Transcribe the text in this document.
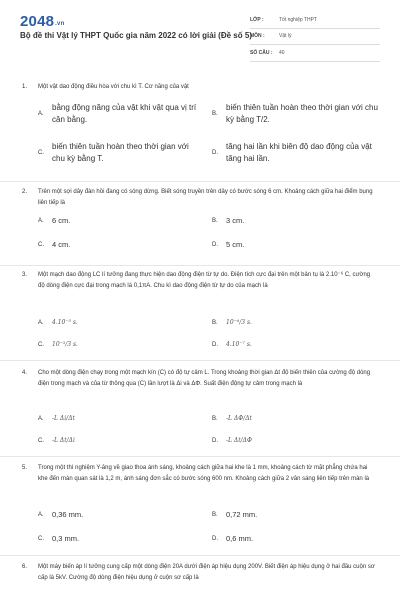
2048.vn
Bộ đề thi Vật lý THPT Quốc gia năm 2022 có lời giải (Đề số 5)
LỚP :	Tốt nghiệp THPT
MÔN :	Vật lý
SỐ CÂU :	40
1. Một vật dao động điều hòa với chu kì T. Cơ năng của vật
A.
bằng động năng của vật khi vật qua vị trí cân bằng.
B.
biến thiên tuần hoàn theo thời gian với chu kỳ bằng T/2.
C.
biến thiên tuần hoàn theo thời gian với chu kỳ bằng T.
D.
tăng hai lần khi biên độ dao động của vật tăng hai lần.
2. Trên một sợi dây đàn hồi đang có sóng dừng. Biết sóng truyền trên dây có bước sóng 6 cm. Khoảng cách giữa hai điểm bụng liên tiếp là
A.	6 cm.	B.	3 cm.
C.	4 cm.	D.	5 cm.
3. Một mạch dao động LC lí tưởng đang thực hiện dao động điện từ tự do. Điện tích cực đại trên một bản tụ là 2.10⁻⁶ C, cường độ dòng điện cực đại trong mạch là 0,1πA. Chu kì dao động điện từ tự do của mạch là
A.	4.10⁻⁵ s.	B.	10⁻⁶/3 s.
C.	10⁻³/3 s.	D.	4.10⁻⁷ s.
4. Cho một dòng điện chạy trong một mạch kín (C) có độ tự cảm L. Trong khoảng thời gian Δt độ biến thiên của cường độ dòng điện trong mạch và của từ thông qua (C) lần lượt là Δi và ΔΦ. Suất điện động tự cảm trong mạch là
A.	-L Δi/Δt	B.	-L ΔΦ/Δt
C.	-L Δt/Δi	D.	-L Δt/ΔΦ
5. Trong một thí nghiệm Y-âng về giao thoa ánh sáng, khoảng cách giữa hai khe là 1 mm, khoảng cách từ mặt phẳng chứa hai khe đến màn quan sát là 1,2 m, ánh sáng đơn sắc có bước sóng 600 nm. Khoảng cách giữa 2 vân sáng liên tiếp trên màn là
A.	0,36 mm.	B.	0,72 mm.
C.	0,3 mm.	D.	0,6 mm.
6. Một máy biến áp lí tưởng cung cấp một dòng điện 20A dưới điện áp hiệu dụng 200V. Biết điện áp hiệu dụng ở hai đầu cuộn sơ cấp là 5kV. Cường độ dòng điện hiệu dụng ở cuộn sơ cấp là
